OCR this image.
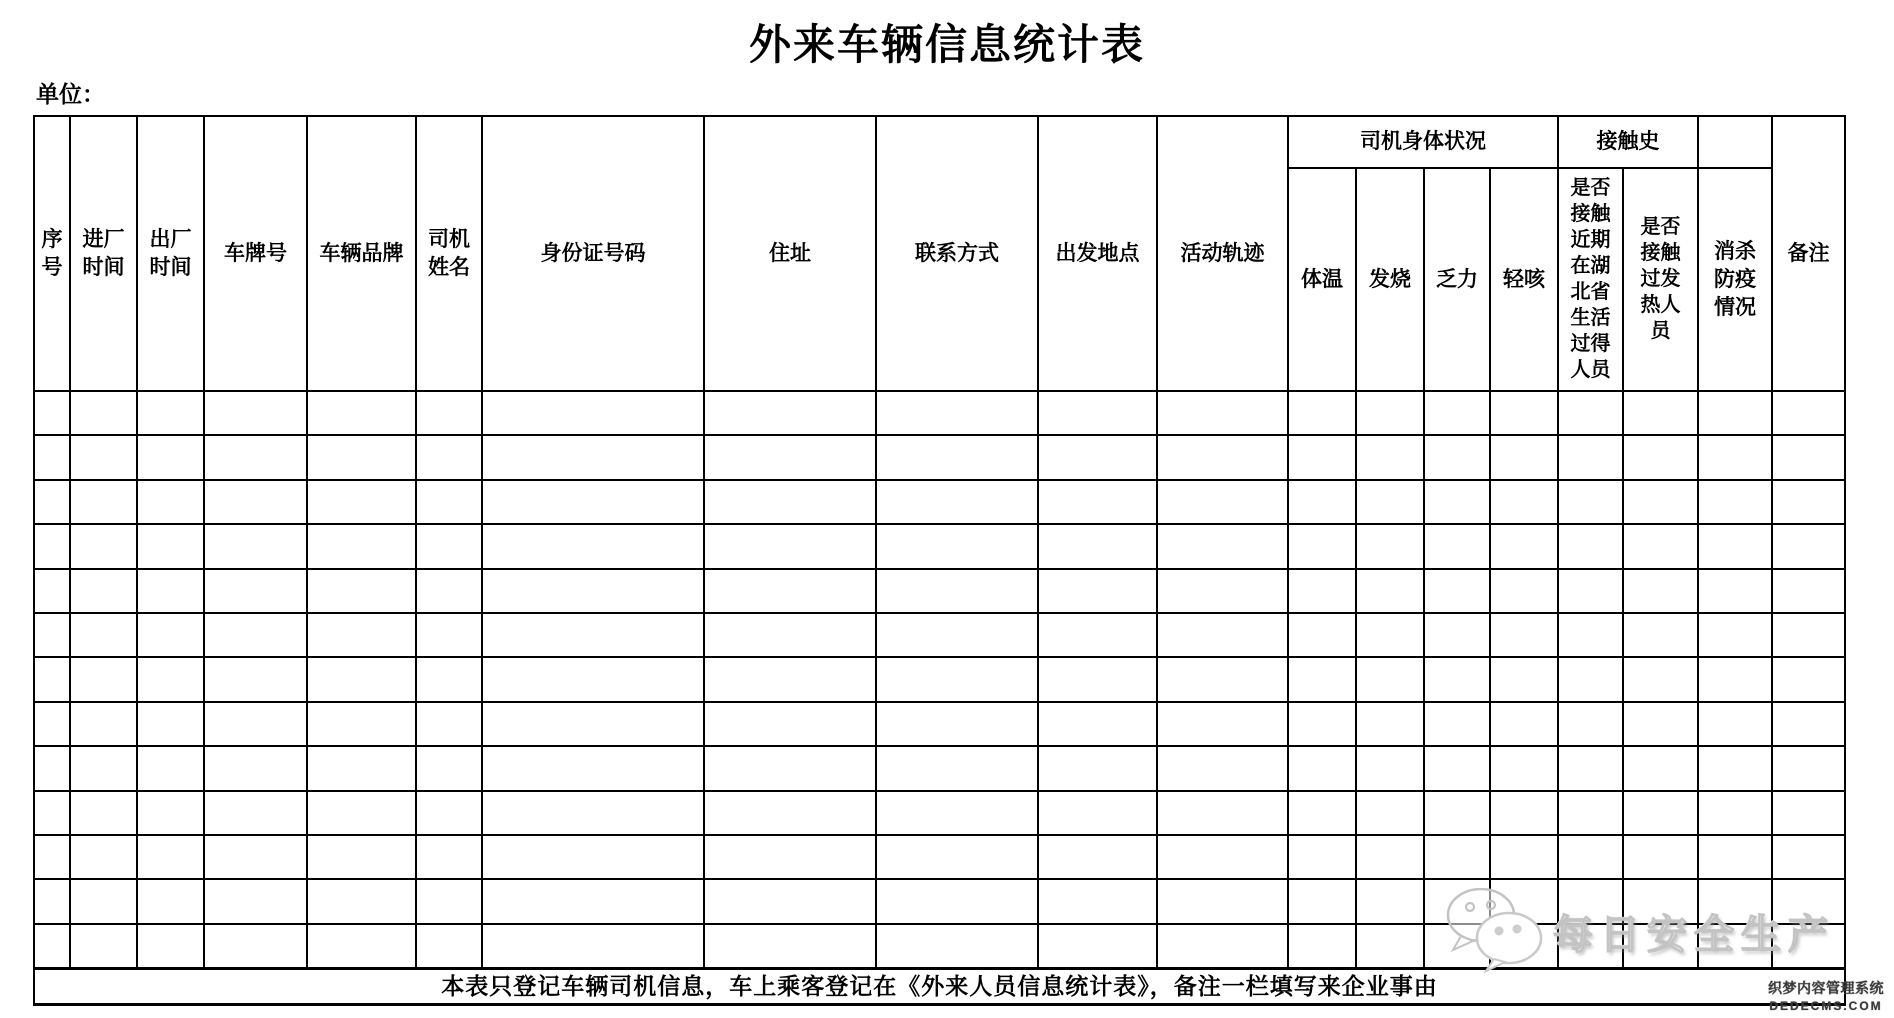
外来车辆信息统计表
单位：
序号	进厂时间	出厂时间	车牌号	车辆品牌	司机姓名	身份证号码	住址	联系方式	出发地点	活动轨迹	司机身体状况				接触史			备注
											体温	发烧	乏力	轻咳	是否接触近期在湖北省生活过得人员	是否接触过发热人员	消杀防疫情况	

本表只登记车辆司机信息，车上乘客登记在《外来人员信息统计表》，备注一栏填写来企业事由																		
每日安全生产
织梦内容管理系统
DEDECMS.COM
